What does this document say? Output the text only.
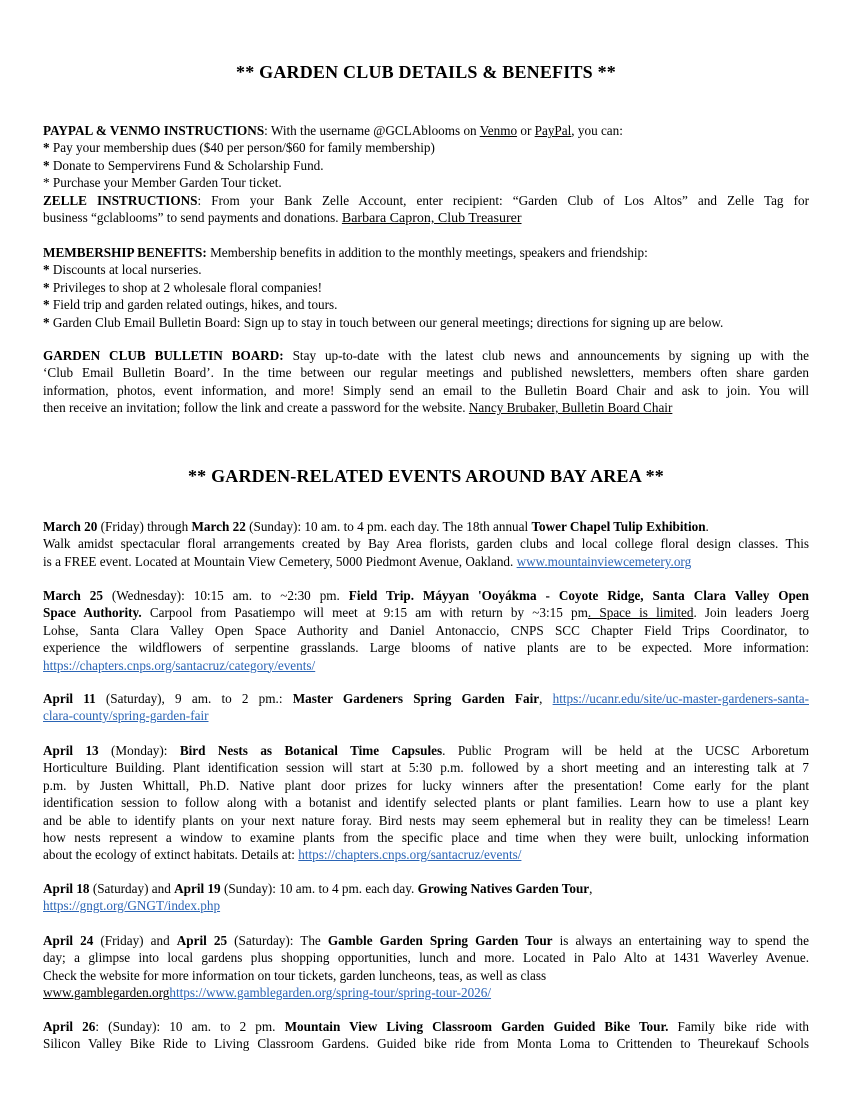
** GARDEN CLUB DETAILS & BENEFITS **
PAYPAL & VENMO INSTRUCTIONS: With the username @GCLAblooms on Venmo or PayPal, you can:
* Pay your membership dues ($40 per person/$60 for family membership)
* Donate to Sempervirens Fund & Scholarship Fund.
* Purchase your Member Garden Tour ticket.
ZELLE INSTRUCTIONS: From your Bank Zelle Account, enter recipient: “Garden Club of Los Altos” and Zelle Tag for
business “gclablooms” to send payments and donations. Barbara Capron, Club Treasurer
MEMBERSHIP BENEFITS: Membership benefits in addition to the monthly meetings, speakers and friendship:
* Discounts at local nurseries.
* Privileges to shop at 2 wholesale floral companies!
* Field trip and garden related outings, hikes, and tours.
* Garden Club Email Bulletin Board: Sign up to stay in touch between our general meetings; directions for signing up are below.
GARDEN CLUB BULLETIN BOARD: Stay up-to-date with the latest club news and announcements by signing up with the
‘Club Email Bulletin Board’. In the time between our regular meetings and published newsletters, members often share garden
information, photos, event information, and more! Simply send an email to the Bulletin Board Chair and ask to join. You will
then receive an invitation; follow the link and create a password for the website. Nancy Brubaker, Bulletin Board Chair
** GARDEN-RELATED EVENTS AROUND BAY AREA **
March 20 (Friday) through March 22 (Sunday): 10 am. to 4 pm. each day. The 18th annual Tower Chapel Tulip Exhibition.
Walk amidst spectacular floral arrangements created by Bay Area florists, garden clubs and local college floral design classes. This
is a FREE event. Located at Mountain View Cemetery, 5000 Piedmont Avenue, Oakland. www.mountainviewcemetery.org
March 25 (Wednesday): 10:15 am. to ~2:30 pm. Field Trip. Máyyan 'Ooyákma - Coyote Ridge, Santa Clara Valley Open
Space Authority. Carpool from Pasatiempo will meet at 9:15 am with return by ~3:15 pm. Space is limited. Join leaders Joerg
Lohse, Santa Clara Valley Open Space Authority and Daniel Antonaccio, CNPS SCC Chapter Field Trips Coordinator, to
experience the wildflowers of serpentine grasslands. Large blooms of native plants are to be expected. More information:
https://chapters.cnps.org/santacruz/category/events/
April 11 (Saturday), 9 am. to 2 pm.: Master Gardeners Spring Garden Fair, https://ucanr.edu/site/uc-master-gardeners-santa-
clara-county/spring-garden-fair
April 13 (Monday): Bird Nests as Botanical Time Capsules. Public Program will be held at the UCSC Arboretum
Horticulture Building. Plant identification session will start at 5:30 p.m. followed by a short meeting and an interesting talk at 7
p.m. by Justen Whittall, Ph.D. Native plant door prizes for lucky winners after the presentation! Come early for the plant
identification session to follow along with a botanist and identify selected plants or plant families. Learn how to use a plant key
and be able to identify plants on your next nature foray. Bird nests may seem ephemeral but in reality they can be timeless! Learn
how nests represent a window to examine plants from the specific place and time when they were built, unlocking information
about the ecology of extinct habitats. Details at: https://chapters.cnps.org/santacruz/events/
April 18 (Saturday) and April 19 (Sunday): 10 am. to 4 pm. each day. Growing Natives Garden Tour,
https://gngt.org/GNGT/index.php
April 24 (Friday) and April 25 (Saturday): The Gamble Garden Spring Garden Tour is always an entertaining way to spend the
day; a glimpse into local gardens plus shopping opportunities, lunch and more. Located in Palo Alto at 1431 Waverley Avenue.
Check the website for more information on tour tickets, garden luncheons, teas, as well as class
www.gamblegarden.orghttps://www.gamblegarden.org/spring-tour/spring-tour-2026/
April 26: (Sunday): 10 am. to 2 pm. Mountain View Living Classroom Garden Guided Bike Tour. Family bike ride with
Silicon Valley Bike Ride to Living Classroom Gardens. Guided bike ride from Monta Loma to Crittenden to Theurekauf Schools
